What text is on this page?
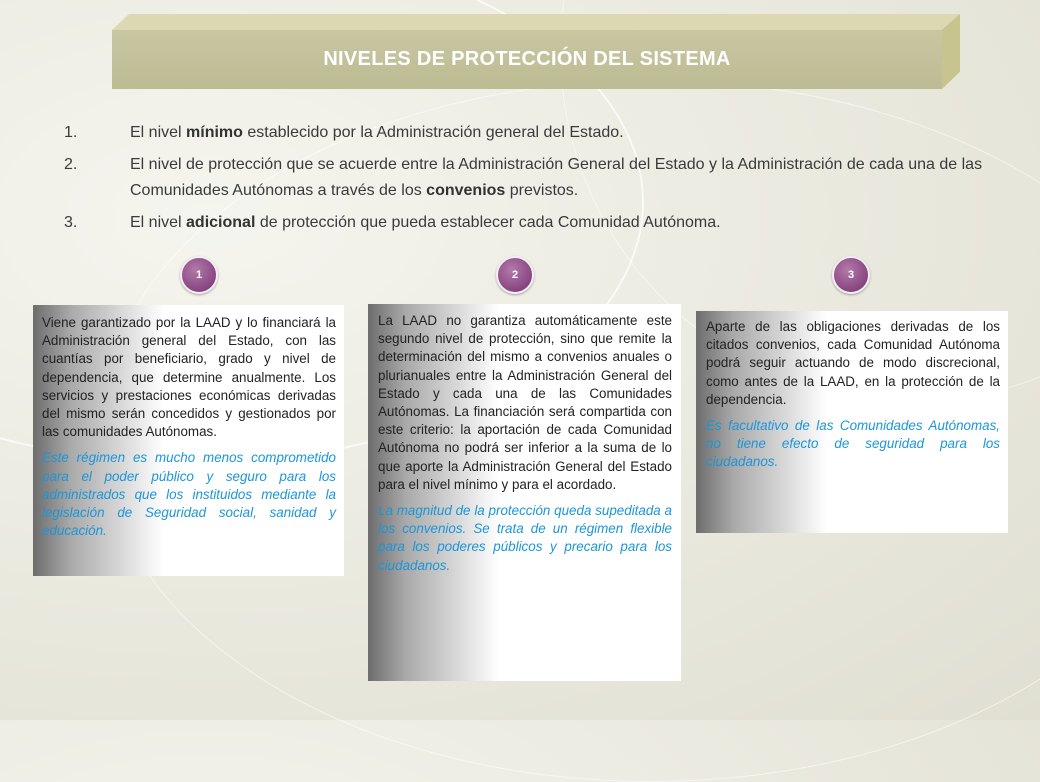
NIVELES DE PROTECCIÓN DEL SISTEMA
1.	El nivel mínimo establecido por la Administración general del Estado.
2.	El nivel de protección que se acuerde entre la Administración General del Estado y la Administración de cada una de las Comunidades Autónomas a través de los convenios previstos.
3.	El nivel adicional de protección que pueda establecer cada Comunidad Autónoma.
1	2	3

Viene garantizado por la LAAD y lo financiará la Administración general del Estado, con las cuantías por beneficiario, grado y nivel de dependencia, que determine anualmente. Los servicios y prestaciones económicas derivadas del mismo serán concedidos y gestionados por las comunidades Autónomas.

Este régimen es mucho menos comprometido para el poder público y seguro para los administrados que los instituidos mediante la legislación de Seguridad social, sanidad y educación.

La LAAD no garantiza automáticamente este segundo nivel de protección, sino que remite la determinación del mismo a convenios anuales o plurianuales entre la Administración General del Estado y cada una de las Comunidades Autónomas. La financiación será compartida con este criterio: la aportación de cada Comunidad Autónoma no podrá ser inferior a la suma de lo que aporte la Administración General del Estado para el nivel mínimo y para el acordado.

La magnitud de la protección queda supeditada a los convenios. Se trata de un régimen flexible para los poderes públicos y precario para los ciudadanos.

Aparte de las obligaciones derivadas de los citados convenios, cada Comunidad Autónoma podrá seguir actuando de modo discrecional, como antes de la LAAD, en la protección de la dependencia.

Es facultativo de las Comunidades Autónomas, no tiene efecto de seguridad para los ciudadanos.
